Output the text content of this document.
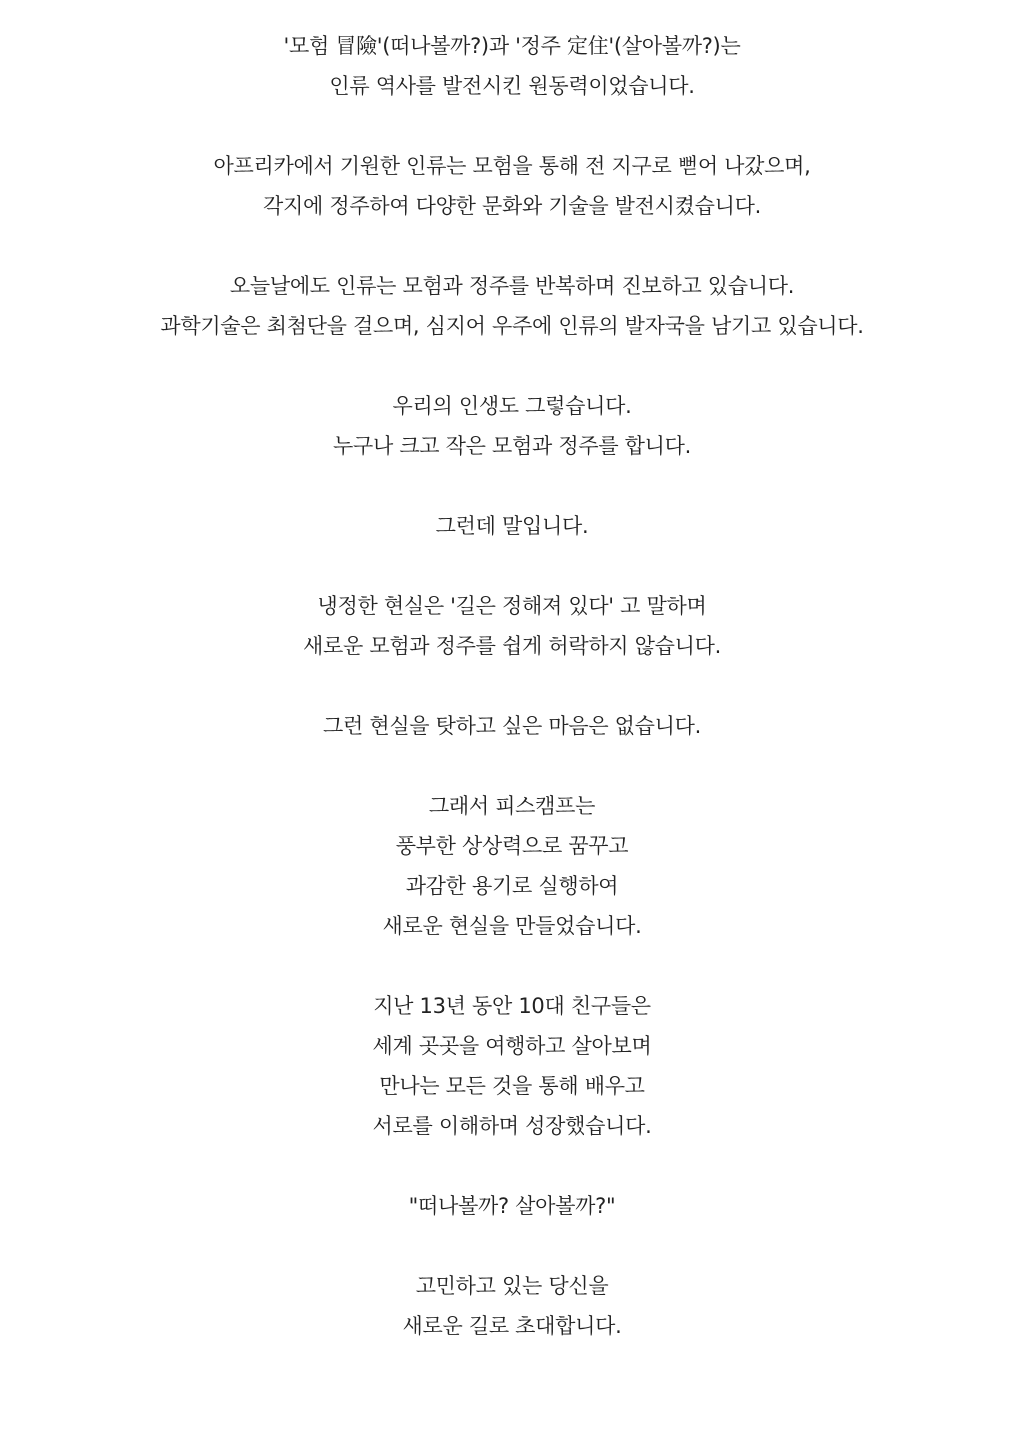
'모험 冒險'(떠나볼까?)과 '정주 定住'(살아볼까?)는
인류 역사를 발전시킨 원동력이었습니다.
아프리카에서 기원한 인류는 모험을 통해 전 지구로 뻗어 나갔으며,
각지에 정주하여 다양한 문화와 기술을 발전시켰습니다.
오늘날에도 인류는 모험과 정주를 반복하며 진보하고 있습니다.
과학기술은 최첨단을 걸으며, 심지어 우주에 인류의 발자국을 남기고 있습니다.
우리의 인생도 그렇습니다.
누구나 크고 작은 모험과 정주를 합니다.
그런데 말입니다.
냉정한 현실은 '길은 정해져 있다' 고 말하며
새로운 모험과 정주를 쉽게 허락하지 않습니다.
그런 현실을 탓하고 싶은 마음은 없습니다.
그래서 피스캠프는
풍부한 상상력으로 꿈꾸고
과감한 용기로 실행하여
새로운 현실을 만들었습니다.
지난 13년 동안 10대 친구들은
세계 곳곳을 여행하고 살아보며
만나는 모든 것을 통해 배우고
서로를 이해하며 성장했습니다.
"떠나볼까? 살아볼까?"
고민하고 있는 당신을
새로운 길로 초대합니다.
